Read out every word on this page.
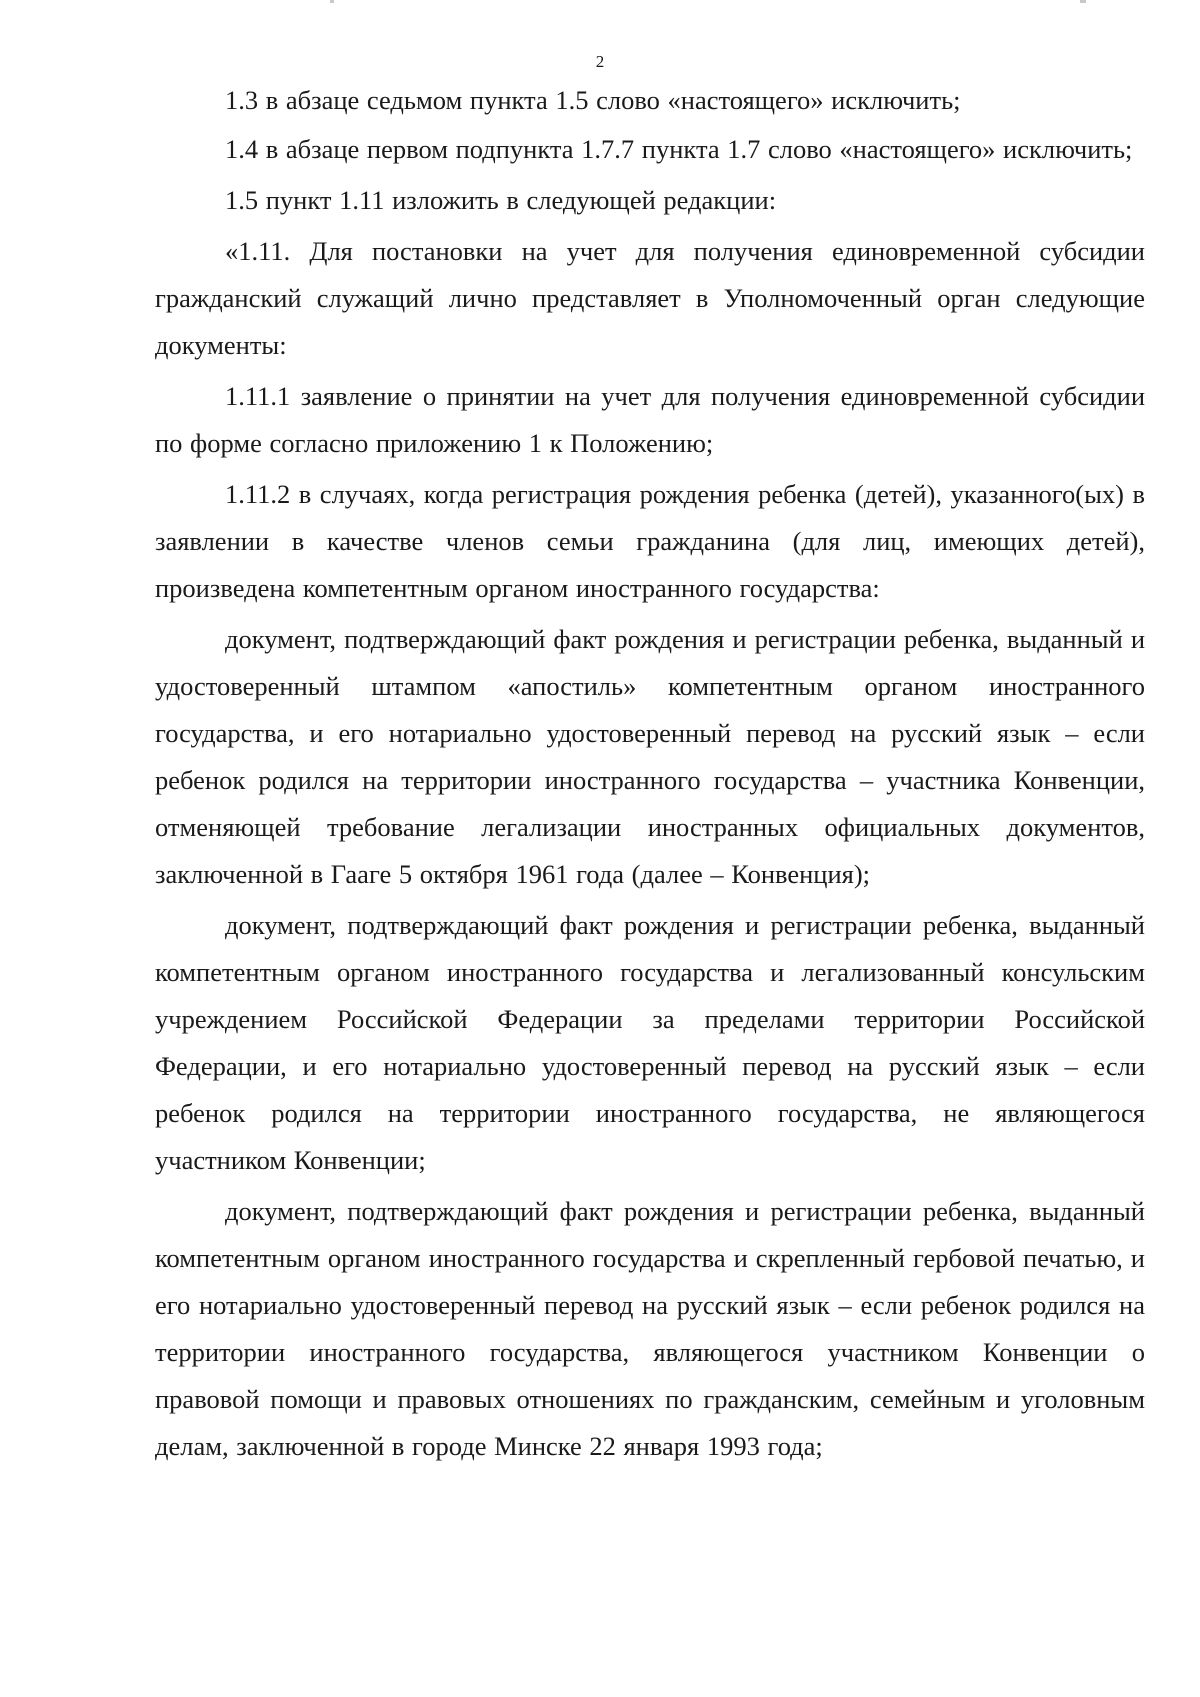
2

1.3 в абзаце седьмом пункта 1.5 слово «настоящего» исключить;

1.4 в абзаце первом подпункта 1.7.7 пункта 1.7 слово «настоящего» исключить;

1.5 пункт 1.11 изложить в следующей редакции:

«1.11. Для постановки на учет для получения единовременной субсидии гражданский служащий лично представляет в Уполномоченный орган следующие документы:

1.11.1 заявление о принятии на учет для получения единовременной субсидии по форме согласно приложению 1 к Положению;

1.11.2 в случаях, когда регистрация рождения ребенка (детей), указанного(ых) в заявлении в качестве членов семьи гражданина (для лиц, имеющих детей), произведена компетентным органом иностранного государства:

документ, подтверждающий факт рождения и регистрации ребенка, выданный и удостоверенный штампом «апостиль» компетентным органом иностранного государства, и его нотариально удостоверенный перевод на русский язык – если ребенок родился на территории иностранного государства – участника Конвенции, отменяющей требование легализации иностранных официальных документов, заключенной в Гааге 5 октября 1961 года (далее – Конвенция);

документ, подтверждающий факт рождения и регистрации ребенка, выданный компетентным органом иностранного государства и легализованный консульским учреждением Российской Федерации за пределами территории Российской Федерации, и его нотариально удостоверенный перевод на русский язык – если ребенок родился на территории иностранного государства, не являющегося участником Конвенции;

документ, подтверждающий факт рождения и регистрации ребенка, выданный компетентным органом иностранного государства и скрепленный гербовой печатью, и его нотариально удостоверенный перевод на русский язык – если ребенок родился на территории иностранного государства, являющегося участником Конвенции о правовой помощи и правовых отношениях по гражданским, семейным и уголовным делам, заключенной в городе Минске 22 января 1993 года;
